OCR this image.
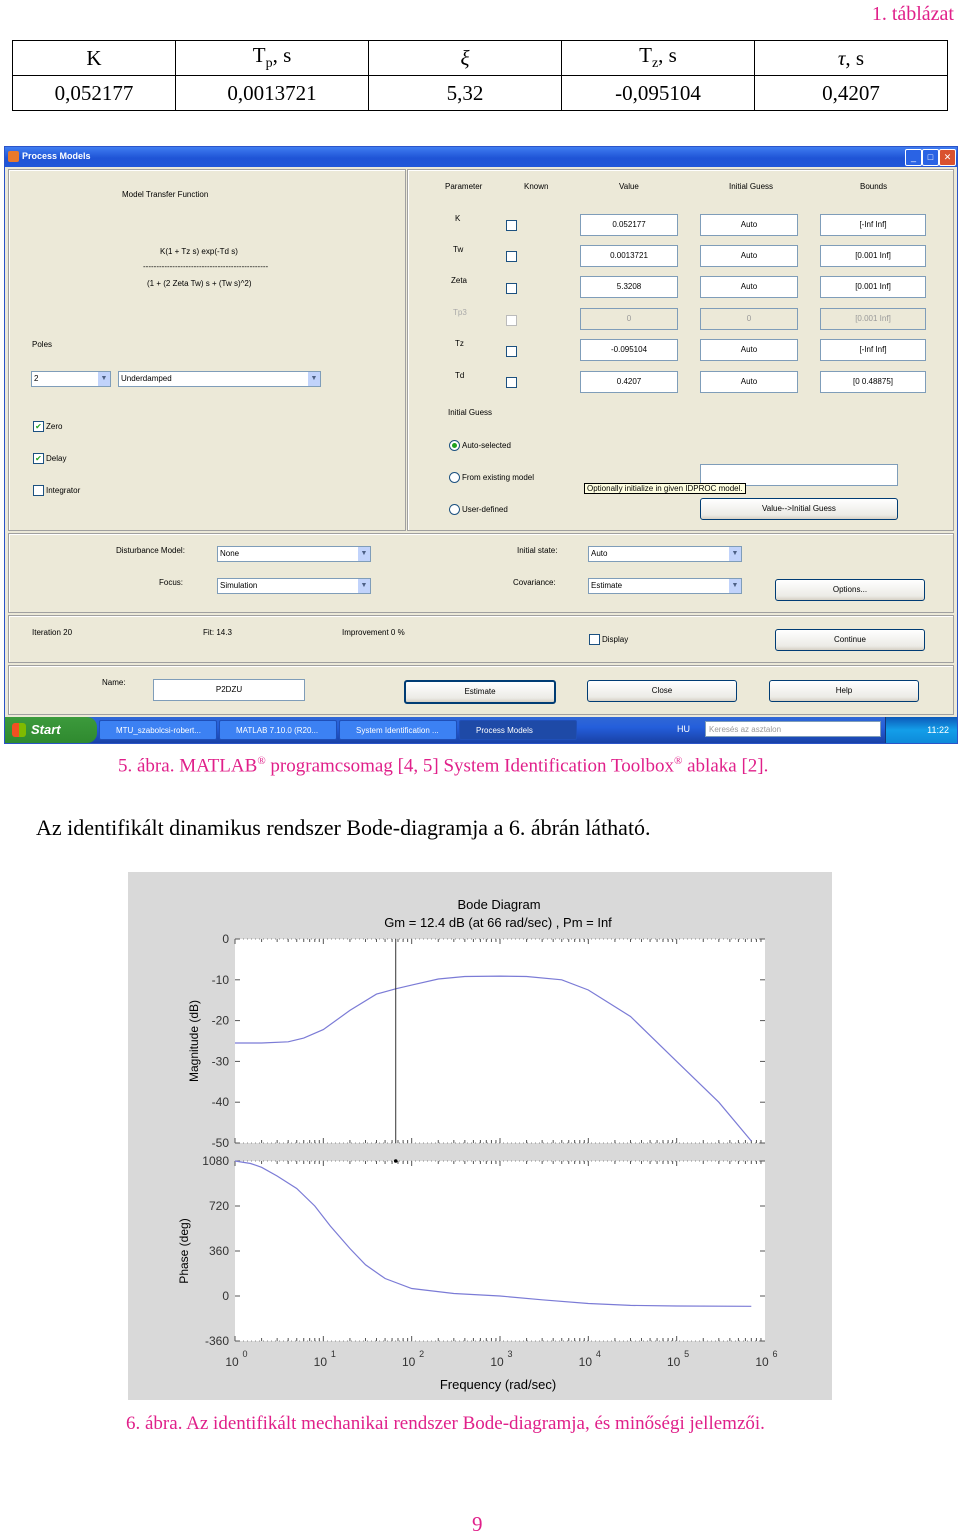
1. táblázat
K	$T_p$, s	ξ	$T_z$, s	τ, s
0,052177	0,0013721	5,32	-0,095104	0,4207
Process Models	_	□	✕
Model Transfer Function
K(1 + Tz s) exp(-Td s)
-----------------------------------------------
(1 + (2 Zeta Tw) s + (Tw s)^2)
Poles
2	▼	Underdamped	▼
✔ Zero
✔ Delay
Integrator
Parameter	Known	Value	Initial Guess	Bounds
K
0.052177	Auto	[-Inf Inf]
Tw
0.0013721	Auto	[0.001 Inf]
Zeta
5.3208	Auto	[0.001 Inf]
Tp3
0	0	[0.001 Inf]
Tz
-0.095104	Auto	[-Inf Inf]
Td
0.4207	Auto	[0 0.48875]
Initial Guess
Auto-selected
From existing model
User-defined
Optionally initialize in given IDPROC model.
Value-->Initial Guess
Disturbance Model:	None	▼
Focus:	Simulation	▼
Initial state:	Auto	▼
Covariance:	Estimate	▼	Options...
Iteration 20	Fit: 14.3	Improvement 0 %
Display	Continue
Name:
P2DZU	Estimate	Close	Help
Start	MTU_szabolcsi-robert...	MATLAB 7.10.0 (R20...	System Identification ...	Process Models	HU	Keresés az asztalon	11:22
5. ábra. MATLAB® programcsomag [4, 5] System Identification Toolbox® ablaka [2].
Az identifikált dinamikus rendszer Bode-diagramja a 6. ábrán látható.
0
-10
-20
-30
-40
-50
Magnitude (dB)
1080
720
360
0
-360
Phase (deg)
Bode Diagram
Gm = 12.4 dB (at 66 rad/sec) , Pm = Inf
10
0
10
1
10
2
10
3
10
4
10
5
10
6
Frequency (rad/sec)
6. ábra. Az identifikált mechanikai rendszer Bode-diagramja, és minőségi jellemzői.
9
